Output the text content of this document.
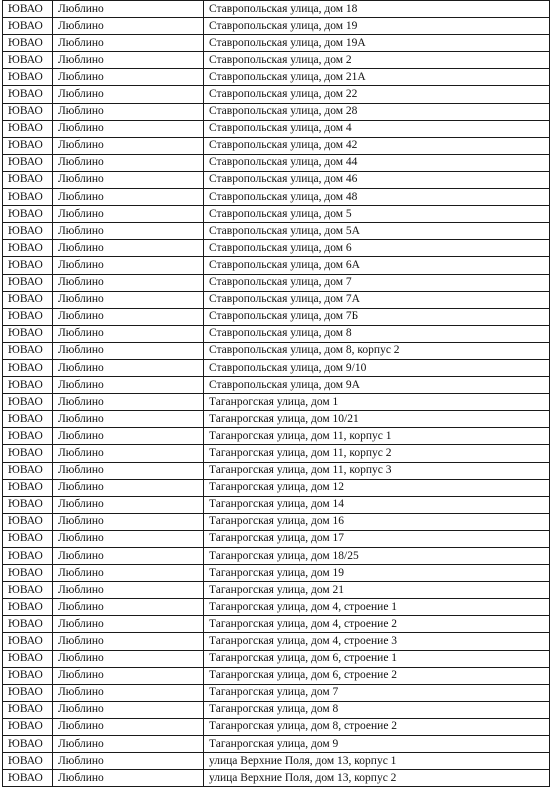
ЮВАО	Люблино	Ставропольская улица, дом 18
ЮВАО	Люблино	Ставропольская улица, дом 19
ЮВАО	Люблино	Ставропольская улица, дом 19А
ЮВАО	Люблино	Ставропольская улица, дом 2
ЮВАО	Люблино	Ставропольская улица, дом 21А
ЮВАО	Люблино	Ставропольская улица, дом 22
ЮВАО	Люблино	Ставропольская улица, дом 28
ЮВАО	Люблино	Ставропольская улица, дом 4
ЮВАО	Люблино	Ставропольская улица, дом 42
ЮВАО	Люблино	Ставропольская улица, дом 44
ЮВАО	Люблино	Ставропольская улица, дом 46
ЮВАО	Люблино	Ставропольская улица, дом 48
ЮВАО	Люблино	Ставропольская улица, дом 5
ЮВАО	Люблино	Ставропольская улица, дом 5А
ЮВАО	Люблино	Ставропольская улица, дом 6
ЮВАО	Люблино	Ставропольская улица, дом 6А
ЮВАО	Люблино	Ставропольская улица, дом 7
ЮВАО	Люблино	Ставропольская улица, дом 7А
ЮВАО	Люблино	Ставропольская улица, дом 7Б
ЮВАО	Люблино	Ставропольская улица, дом 8
ЮВАО	Люблино	Ставропольская улица, дом 8, корпус 2
ЮВАО	Люблино	Ставропольская улица, дом 9/10
ЮВАО	Люблино	Ставропольская улица, дом 9А
ЮВАО	Люблино	Таганрогская улица, дом 1
ЮВАО	Люблино	Таганрогская улица, дом 10/21
ЮВАО	Люблино	Таганрогская улица, дом 11, корпус 1
ЮВАО	Люблино	Таганрогская улица, дом 11, корпус 2
ЮВАО	Люблино	Таганрогская улица, дом 11, корпус 3
ЮВАО	Люблино	Таганрогская улица, дом 12
ЮВАО	Люблино	Таганрогская улица, дом 14
ЮВАО	Люблино	Таганрогская улица, дом 16
ЮВАО	Люблино	Таганрогская улица, дом 17
ЮВАО	Люблино	Таганрогская улица, дом 18/25
ЮВАО	Люблино	Таганрогская улица, дом 19
ЮВАО	Люблино	Таганрогская улица, дом 21
ЮВАО	Люблино	Таганрогская улица, дом 4, строение 1
ЮВАО	Люблино	Таганрогская улица, дом 4, строение 2
ЮВАО	Люблино	Таганрогская улица, дом 4, строение 3
ЮВАО	Люблино	Таганрогская улица, дом 6, строение 1
ЮВАО	Люблино	Таганрогская улица, дом 6, строение 2
ЮВАО	Люблино	Таганрогская улица, дом 7
ЮВАО	Люблино	Таганрогская улица, дом 8
ЮВАО	Люблино	Таганрогская улица, дом 8, строение 2
ЮВАО	Люблино	Таганрогская улица, дом 9
ЮВАО	Люблино	улица Верхние Поля, дом 13, корпус 1
ЮВАО	Люблино	улица Верхние Поля, дом 13, корпус 2
